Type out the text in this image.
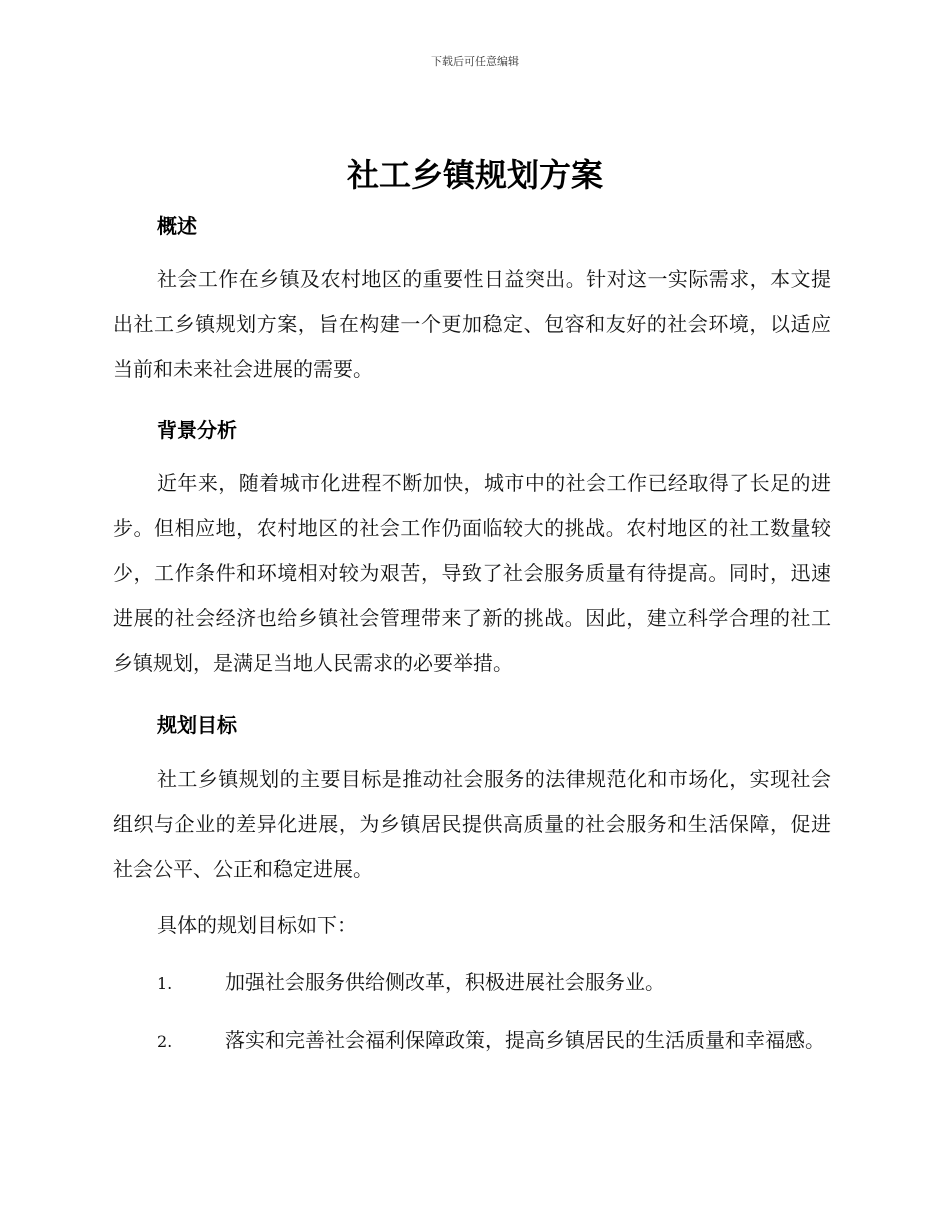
下载后可任意编辑
社工乡镇规划方案
概述

社会工作在乡镇及农村地区的重要性日益突出。针对这一实际需求，本文提出社工乡镇规划方案，旨在构建一个更加稳定、包容和友好的社会环境，以适应当前和未来社会进展的需要。

背景分析

近年来，随着城市化进程不断加快，城市中的社会工作已经取得了长足的进步。但相应地，农村地区的社会工作仍面临较大的挑战。农村地区的社工数量较少，工作条件和环境相对较为艰苦，导致了社会服务质量有待提高。同时，迅速进展的社会经济也给乡镇社会管理带来了新的挑战。因此，建立科学合理的社工乡镇规划，是满足当地人民需求的必要举措。

规划目标

社工乡镇规划的主要目标是推动社会服务的法律规范化和市场化，实现社会组织与企业的差异化进展，为乡镇居民提供高质量的社会服务和生活保障，促进社会公平、公正和稳定进展。

具体的规划目标如下：

1.	加强社会服务供给侧改革，积极进展社会服务业。

2.	落实和完善社会福利保障政策，提高乡镇居民的生活质量和幸福感。
